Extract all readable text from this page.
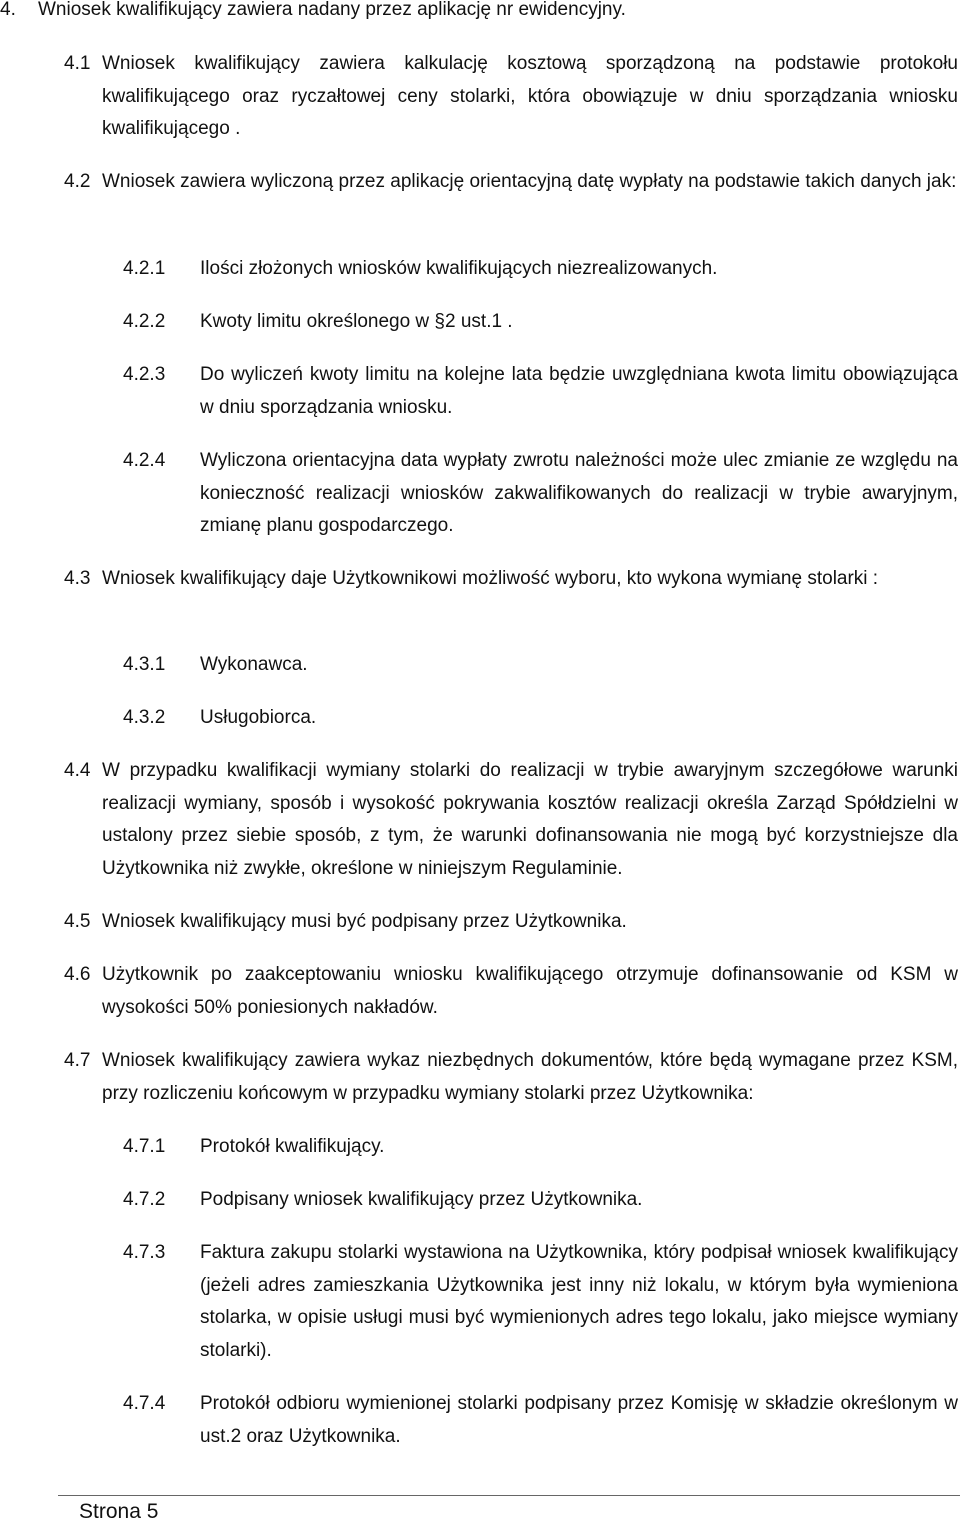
4.	Wniosek kwalifikujący zawiera nadany przez aplikację nr ewidencyjny.
4.1 Wniosek kwalifikujący zawiera kalkulację kosztową sporządzoną na podstawie protokołu kwalifikującego oraz ryczałtowej ceny stolarki, która obowiązuje w dniu sporządzania wniosku kwalifikującego .
4.2 Wniosek zawiera wyliczoną przez aplikację orientacyjną datę wypłaty na podstawie takich danych jak:
4.2.1	Ilości złożonych wniosków kwalifikujących niezrealizowanych.
4.2.2	Kwoty limitu określonego w §2 ust.1 .
4.2.3	Do wyliczeń kwoty limitu na kolejne lata będzie uwzględniana kwota limitu obowiązująca w dniu sporządzania wniosku.
4.2.4	Wyliczona orientacyjna data wypłaty zwrotu należności może ulec zmianie ze względu na konieczność realizacji wniosków zakwalifikowanych do realizacji w trybie awaryjnym, zmianę planu gospodarczego.
4.3 Wniosek kwalifikujący daje Użytkownikowi możliwość wyboru, kto wykona wymianę stolarki :
4.3.1	Wykonawca.
4.3.2	Usługobiorca.
4.4 W przypadku kwalifikacji wymiany stolarki do realizacji w trybie awaryjnym szczegółowe warunki realizacji wymiany, sposób i wysokość pokrywania kosztów realizacji określa Zarząd Spółdzielni w ustalony przez siebie sposób, z tym, że warunki dofinansowania nie mogą być korzystniejsze dla Użytkownika niż zwykłe, określone w niniejszym Regulaminie.
4.5 Wniosek kwalifikujący musi być podpisany przez Użytkownika.
4.6 Użytkownik po zaakceptowaniu wniosku kwalifikującego otrzymuje dofinansowanie od KSM w wysokości 50% poniesionych nakładów.
4.7 Wniosek kwalifikujący zawiera wykaz niezbędnych dokumentów, które będą wymagane przez KSM, przy rozliczeniu końcowym w przypadku wymiany stolarki przez Użytkownika:
4.7.1	Protokół kwalifikujący.
4.7.2	Podpisany wniosek kwalifikujący przez Użytkownika.
4.7.3	Faktura zakupu stolarki wystawiona na Użytkownika, który podpisał wniosek kwalifikujący (jeżeli adres zamieszkania Użytkownika jest inny niż lokalu, w którym była wymieniona stolarka, w opisie usługi musi być wymienionych adres tego lokalu, jako miejsce wymiany stolarki).
4.7.4	Protokół odbioru wymienionej stolarki podpisany przez Komisję w składzie określonym w ust.2 oraz Użytkownika.
Strona 5
